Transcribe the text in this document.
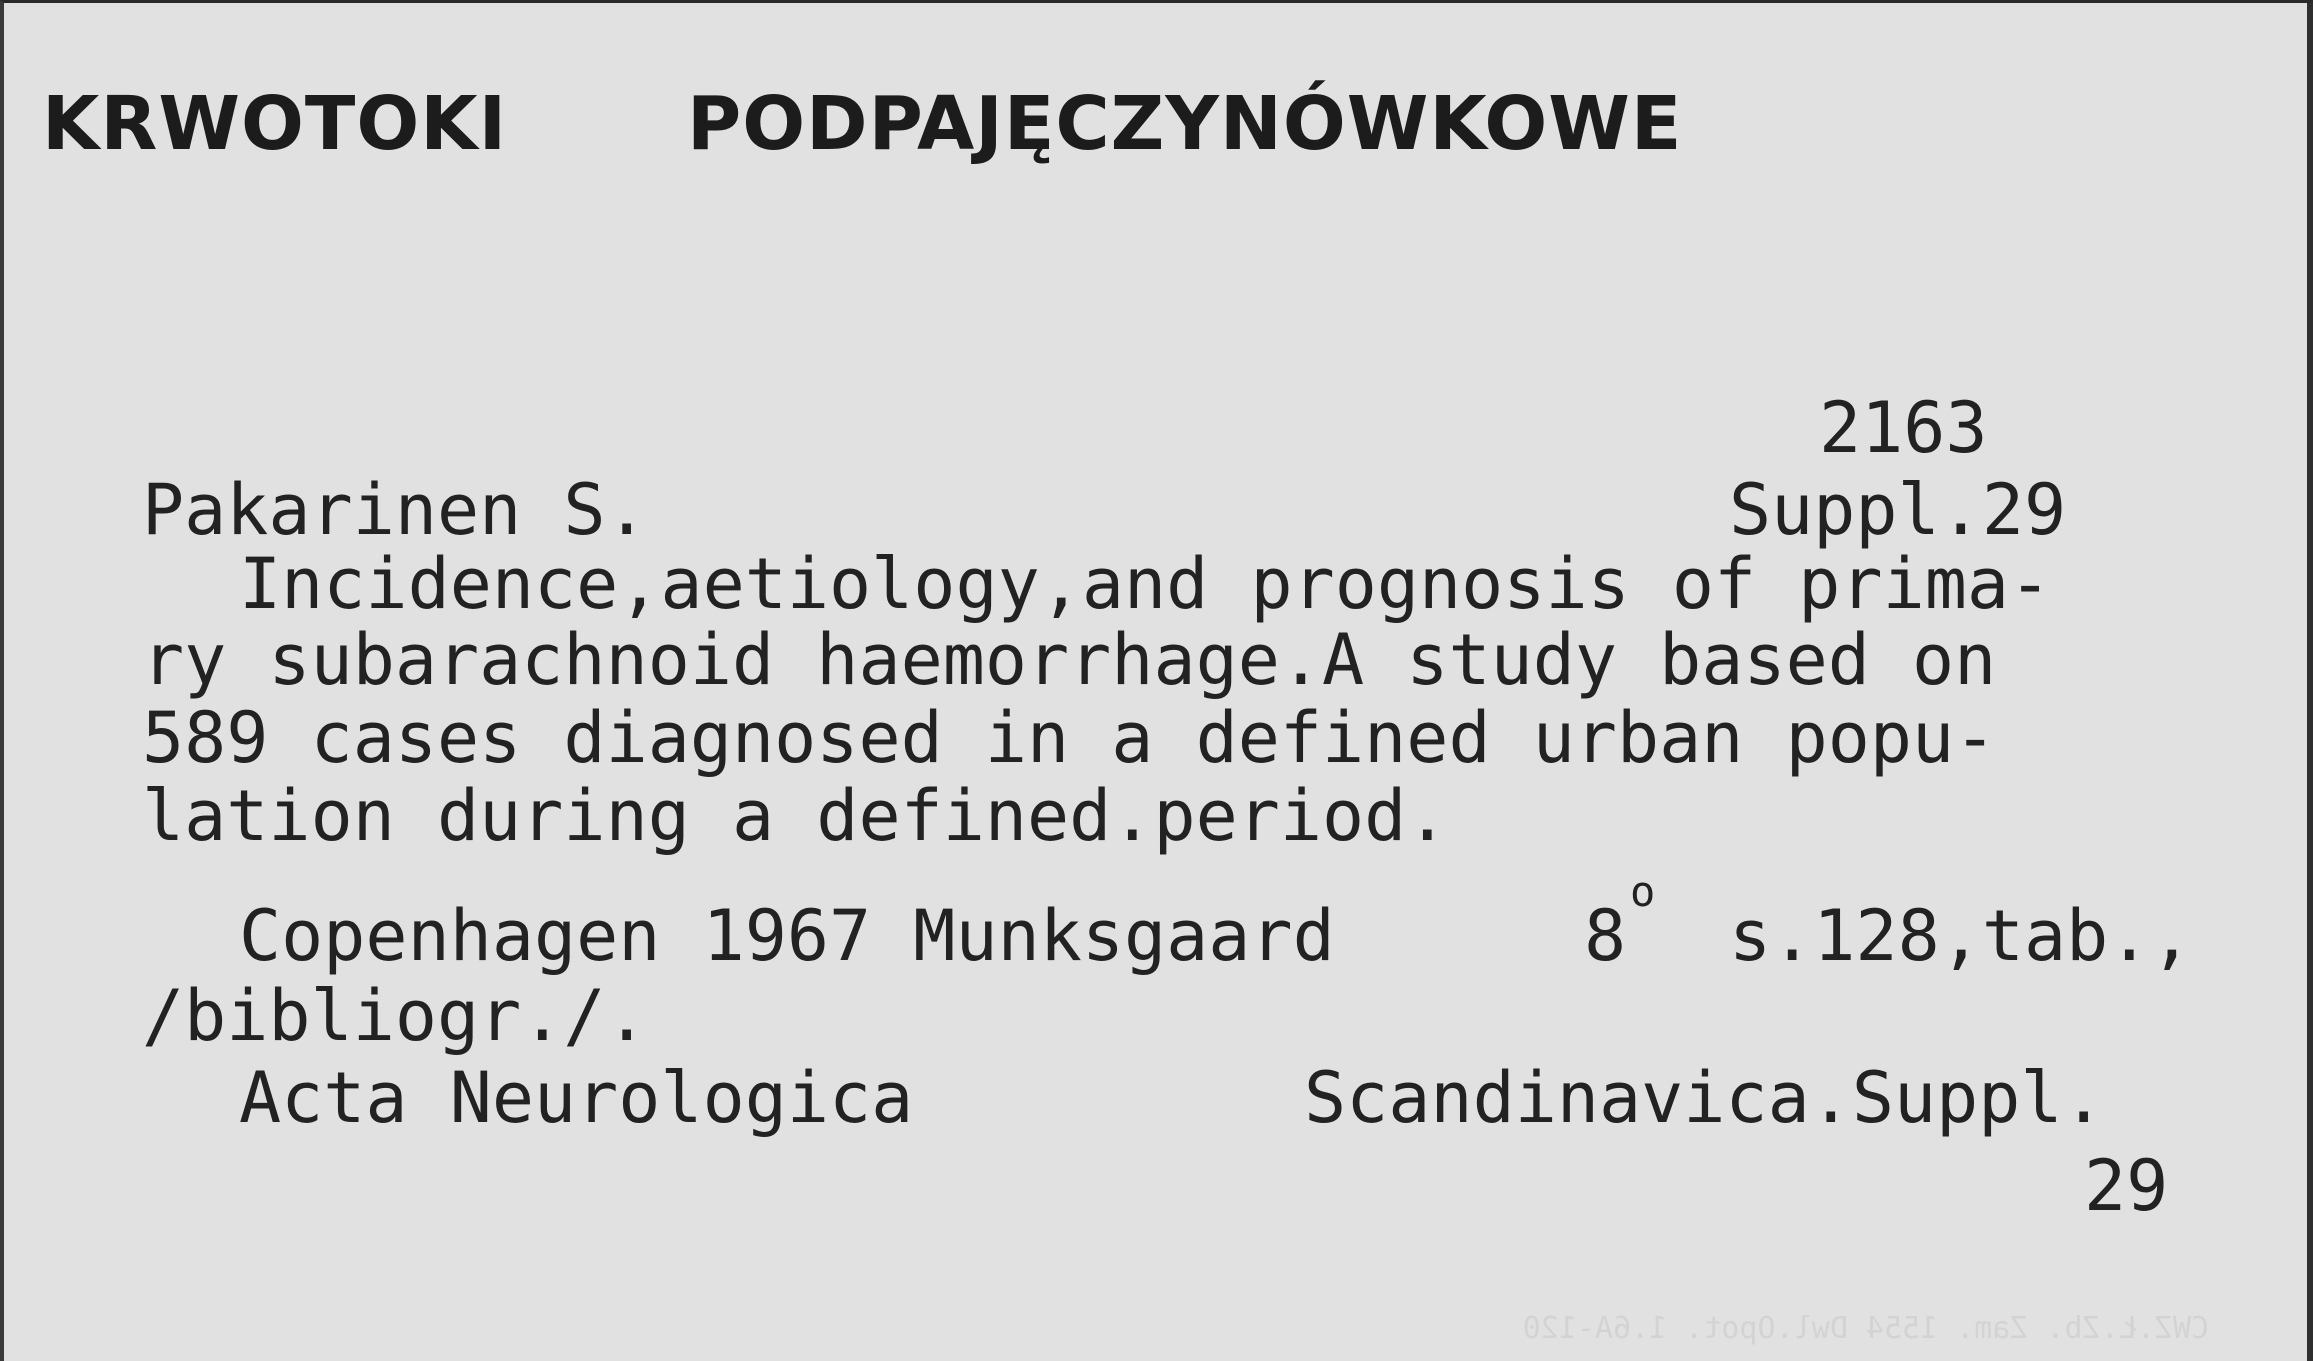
KRWOTOKI PODPAJĘCZYNÓWKOWE
2163
Pakarinen S.	Suppl.29
Incidence,aetiology,and prognosis of prima-
ry subarachnoid haemorrhage.A study based on
589 cases diagnosed in a defined urban popu-
lation during a defined.period.
Copenhagen 1967 Munksgaard	8
o
s.128,tab.,
/bibliogr./.
Acta Neurologica	Scandinavica.Suppl.
29
CWZ.Ł.Zb. Zam. 1554 Dwl.Opot. 1.6A-120
